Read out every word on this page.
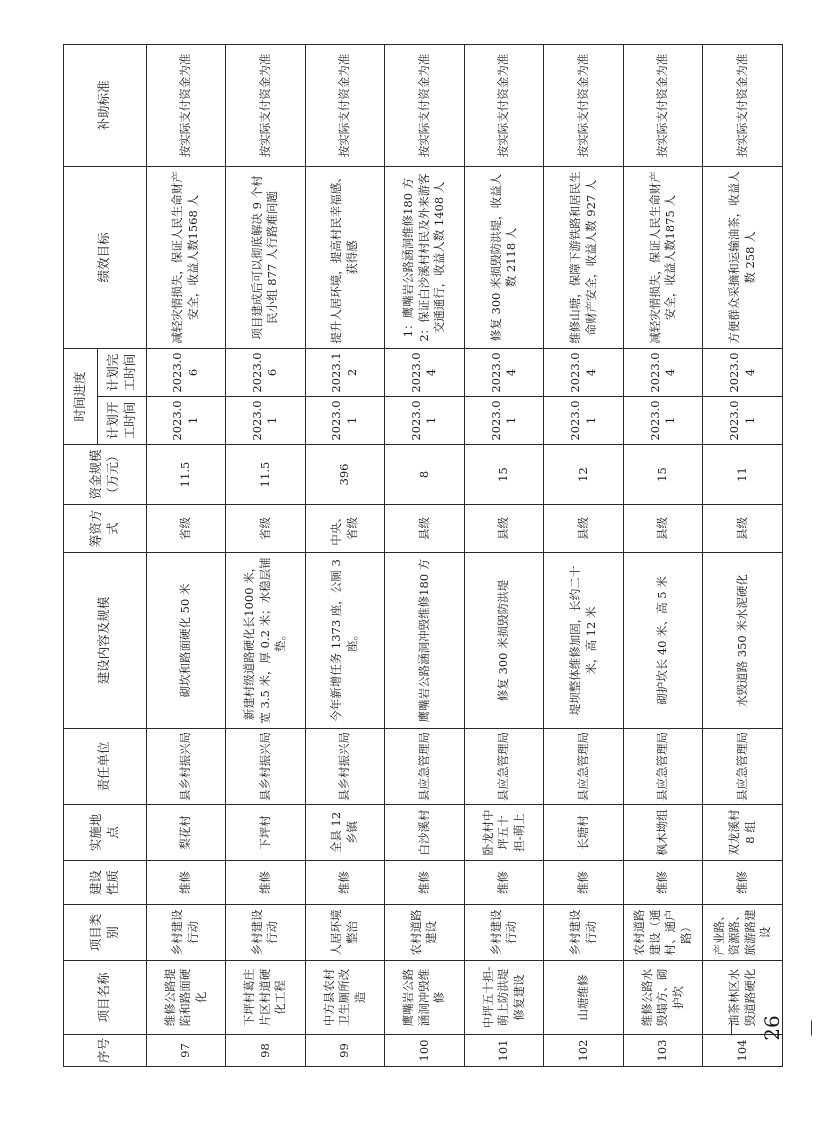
序号	项目名称	项目类别	建设性质	实施地点	责任单位	建设内容及规模	筹资方式	资金规模（万元）	时间进度		绩效目标	补助标准
									计划开工时间	计划完工时间		
97	维修公路提陷和路面硬化	乡村建设行动	维修	梨花村	县乡村振兴局	砌坎和路面硬化 50 米	省级	11.5	2023.01	2023.06	减轻灾情损失，保证人民生命财产安全，收益人数1568 人	按实际支付资金为准
98	下坪村葛庄片区村道硬化工程	乡村建设行动	维修	下坪村	县乡村振兴局	新建村级道路硬化长1000 米，宽 3.5 米，厚 0.2 米；水稳层铺垫。	省级	11.5	2023.01	2023.06	项目建成后可以彻底解决 9 个村民小组 877 人行路难问题	按实际支付资金为准
99	中方县农村卫生厕所改造	人居环境整治	维修	全县 12 乡镇	县乡村振兴局	今年新增任务 1373 座，公厕 3 座。	中央、省级	396	2023.01	2023.12	提升人居环境，提高村民幸福感、获得感	按实际支付资金为准
100	鹰嘴岩公路涵洞冲毁维修	农村道路建设	维修	白沙溪村	县应急管理局	鹰嘴岩公路涵洞冲毁维修180 方	县级	8	2023.01	2023.04	1：鹰嘴岩公路涵洞维修180 方 2：保证白沙溪村村民及外来游客交通通行，收益人数 1408 人	按实际支付资金为准
101	中坪五十担-萌上防洪堤修复建设	乡村建设行动	维修	卧龙村中坪五十担-萌上	县应急管理局	修复 300 米损毁防洪堤	县级	15	2023.01	2023.04	修复 300 米损毁防洪堤，收益人数 2118 人	按实际支付资金为准
102	山塘维修	乡村建设行动	维修	长塘村	县应急管理局	堤坝整体维修加固，长约二十米，高 12 米	县级	12	2023.01	2023.04	维修山塘，保障下游铁路和居民生命财产安全，收益人数 927 人	按实际支付资金为准
103	维修公路水毁塌方、砌护坎	农村道路建设（通村、通户路）	维修	枫木坳组	县应急管理局	砌护坎长 40 米、高 5 米	县级	15	2023.01	2023.04	减轻灾情损失，保证人民生命财产安全，收益人数1875 人	按实际支付资金为准
104	油茶林区水毁道路硬化	产业路、资源路、旅游路建设	维修	双龙溪村 8 组	县应急管理局	水毁道路 350 米水泥硬化	县级	11	2023.01	2023.04	方便群众采摘和运输油茶，收益人数 258 人	按实际支付资金为准
－ 26 －
